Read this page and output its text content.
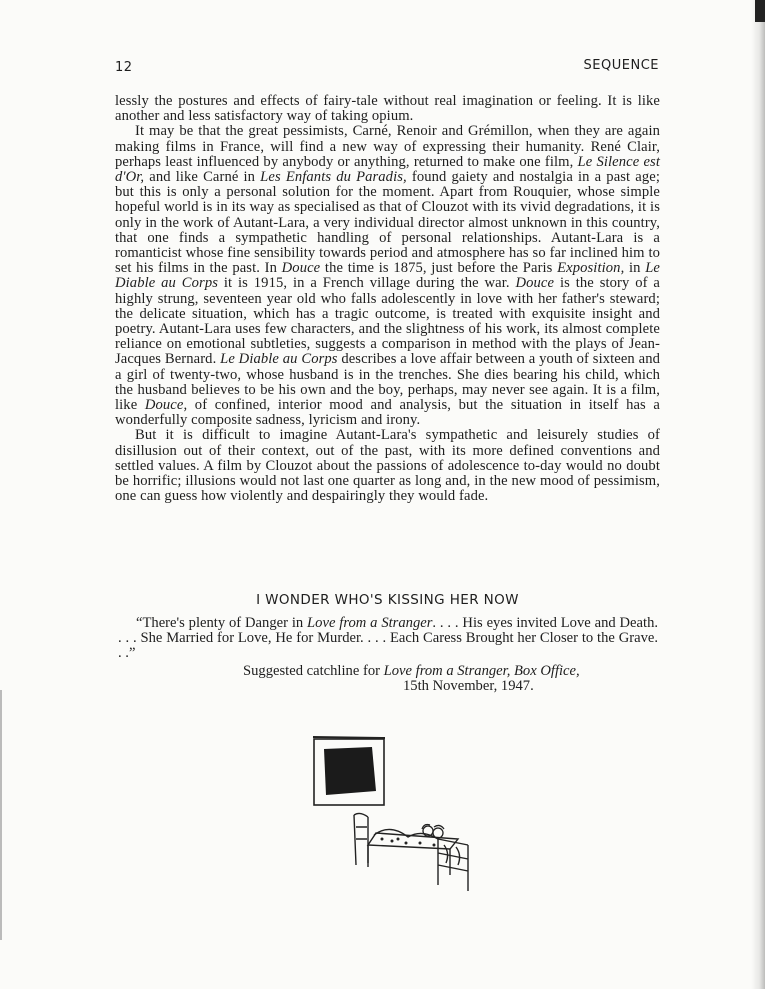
12	SEQUENCE

lessly the postures and effects of fairy-tale without real imagination or feeling. It is like another and less satisfactory way of taking opium.

It may be that the great pessimists, Carné, Renoir and Grémillon, when they are again making films in France, will find a new way of expressing their humanity. René Clair, perhaps least influenced by anybody or anything, returned to make one film, Le Silence est d'Or, and like Carné in Les Enfants du Paradis, found gaiety and nostalgia in a past age; but this is only a personal solution for the moment. Apart from Rouquier, whose simple hopeful world is in its way as specialised as that of Clouzot with its vivid degradations, it is only in the work of Autant-Lara, a very individual director almost unknown in this country, that one finds a sympathetic handling of personal relationships. Autant-Lara is a romanticist whose fine sensibility towards period and atmosphere has so far inclined him to set his films in the past. In Douce the time is 1875, just before the Paris Exposition, in Le Diable au Corps it is 1915, in a French village during the war. Douce is the story of a highly strung, seventeen year old who falls adolescently in love with her father's steward; the delicate situation, which has a tragic outcome, is treated with exquisite insight and poetry. Autant-Lara uses few characters, and the slightness of his work, its almost complete reliance on emotional subtleties, suggests a comparison in method with the plays of Jean-Jacques Bernard. Le Diable au Corps describes a love affair between a youth of sixteen and a girl of twenty-two, whose husband is in the trenches. She dies bearing his child, which the husband believes to be his own and the boy, perhaps, may never see again. It is a film, like Douce, of confined, interior mood and analysis, but the situation in itself has a wonderfully composite sadness, lyricism and irony.

But it is difficult to imagine Autant-Lara's sympathetic and leisurely studies of disillusion out of their context, out of the past, with its more defined conventions and settled values. A film by Clouzot about the passions of adolescence to-day would no doubt be horrific; illusions would not last one quarter as long and, in the new mood of pessimism, one can guess how violently and despairingly they would fade.

I WONDER WHO'S KISSING HER NOW

“There's plenty of Danger in Love from a Stranger. . . . His eyes invited Love and Death. . . . She Married for Love, He for Murder. . . . Each Caress Brought her Closer to the Grave. . .”

Suggested catchline for Love from a Stranger, Box Office,
15th November, 1947.
